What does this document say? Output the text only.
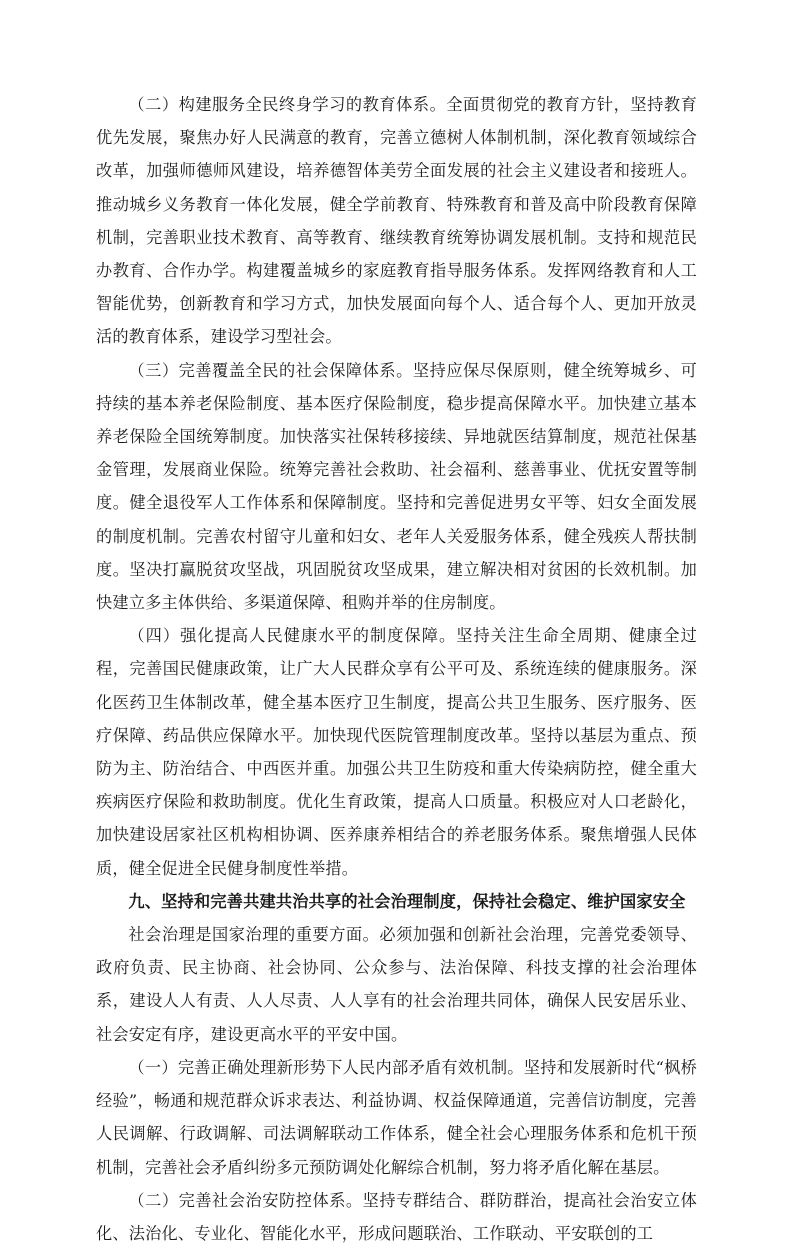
（二）构建服务全民终身学习的教育体系。全面贯彻党的教育方针，坚持教育优先发展，聚焦办好人民满意的教育，完善立德树人体制机制，深化教育领域综合改革，加强师德师风建设，培养德智体美劳全面发展的社会主义建设者和接班人。推动城乡义务教育一体化发展，健全学前教育、特殊教育和普及高中阶段教育保障机制，完善职业技术教育、高等教育、继续教育统筹协调发展机制。支持和规范民办教育、合作办学。构建覆盖城乡的家庭教育指导服务体系。发挥网络教育和人工智能优势，创新教育和学习方式，加快发展面向每个人、适合每个人、更加开放灵活的教育体系，建设学习型社会。

（三）完善覆盖全民的社会保障体系。坚持应保尽保原则，健全统筹城乡、可持续的基本养老保险制度、基本医疗保险制度，稳步提高保障水平。加快建立基本养老保险全国统筹制度。加快落实社保转移接续、异地就医结算制度，规范社保基金管理，发展商业保险。统筹完善社会救助、社会福利、慈善事业、优抚安置等制度。健全退役军人工作体系和保障制度。坚持和完善促进男女平等、妇女全面发展的制度机制。完善农村留守儿童和妇女、老年人关爱服务体系，健全残疾人帮扶制度。坚决打赢脱贫攻坚战，巩固脱贫攻坚成果，建立解决相对贫困的长效机制。加快建立多主体供给、多渠道保障、租购并举的住房制度。

（四）强化提高人民健康水平的制度保障。坚持关注生命全周期、健康全过程，完善国民健康政策，让广大人民群众享有公平可及、系统连续的健康服务。深化医药卫生体制改革，健全基本医疗卫生制度，提高公共卫生服务、医疗服务、医疗保障、药品供应保障水平。加快现代医院管理制度改革。坚持以基层为重点、预防为主、防治结合、中西医并重。加强公共卫生防疫和重大传染病防控，健全重大疾病医疗保险和救助制度。优化生育政策，提高人口质量。积极应对人口老龄化，加快建设居家社区机构相协调、医养康养相结合的养老服务体系。聚焦增强人民体质，健全促进全民健身制度性举措。

九、坚持和完善共建共治共享的社会治理制度，保持社会稳定、维护国家安全

社会治理是国家治理的重要方面。必须加强和创新社会治理，完善党委领导、政府负责、民主协商、社会协同、公众参与、法治保障、科技支撑的社会治理体系，建设人人有责、人人尽责、人人享有的社会治理共同体，确保人民安居乐业、社会安定有序，建设更高水平的平安中国。

（一）完善正确处理新形势下人民内部矛盾有效机制。坚持和发展新时代“枫桥经验”，畅通和规范群众诉求表达、利益协调、权益保障通道，完善信访制度，完善人民调解、行政调解、司法调解联动工作体系，健全社会心理服务体系和危机干预机制，完善社会矛盾纠纷多元预防调处化解综合机制，努力将矛盾化解在基层。

（二）完善社会治安防控体系。坚持专群结合、群防群治，提高社会治安立体化、法治化、专业化、智能化水平，形成问题联治、工作联动、平安联创的工
